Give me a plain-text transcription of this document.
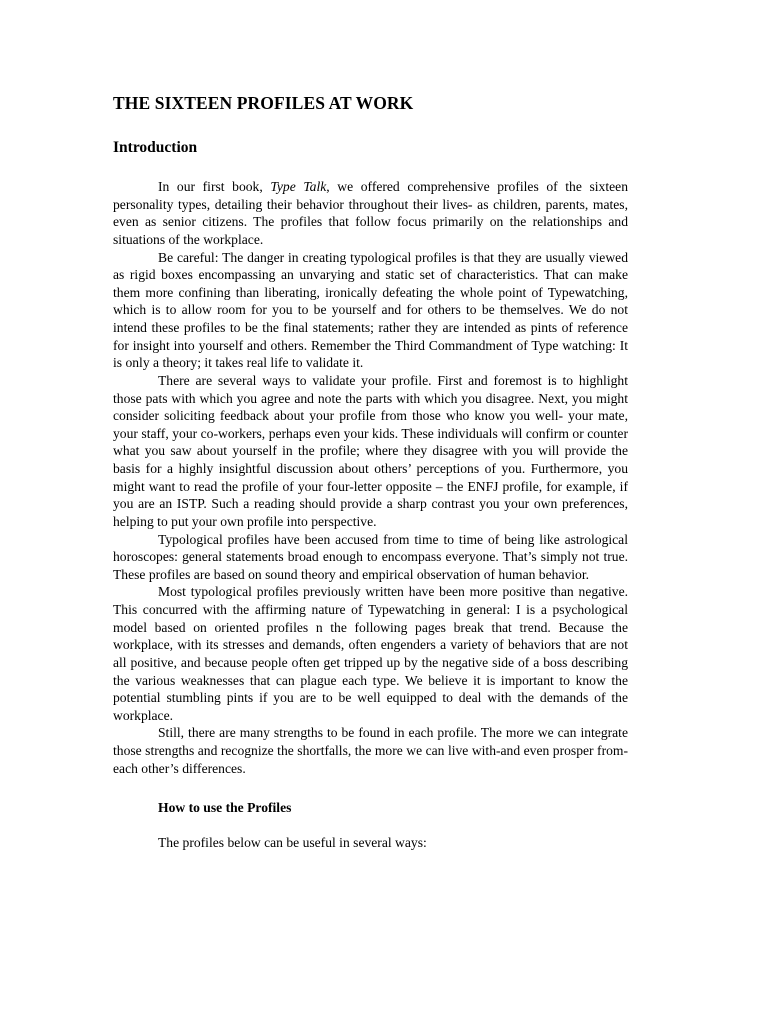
THE SIXTEEN PROFILES AT WORK
Introduction

In our first book, Type Talk, we offered comprehensive profiles of the sixteen personality types, detailing their behavior throughout their lives- as children, parents, mates, even as senior citizens. The profiles that follow focus primarily on the relationships and situations of the workplace.

Be careful: The danger in creating typological profiles is that they are usually viewed as rigid boxes encompassing an unvarying and static set of characteristics. That can make them more confining than liberating, ironically defeating the whole point of Typewatching, which is to allow room for you to be yourself and for others to be themselves. We do not intend these profiles to be the final statements; rather they are intended as pints of reference for insight into yourself and others. Remember the Third Commandment of Type watching: It is only a theory; it takes real life to validate it.

There are several ways to validate your profile. First and foremost is to highlight those pats with which you agree and note the parts with which you disagree. Next, you might consider soliciting feedback about your profile from those who know you well- your mate, your staff, your co-workers, perhaps even your kids. These individuals will confirm or counter what you saw about yourself in the profile; where they disagree with you will provide the basis for a highly insightful discussion about others’ perceptions of you. Furthermore, you might want to read the profile of your four-letter opposite – the ENFJ profile, for example, if you are an ISTP. Such a reading should provide a sharp contrast you your own preferences, helping to put your own profile into perspective.

Typological profiles have been accused from time to time of being like astrological horoscopes: general statements broad enough to encompass everyone. That’s simply not true. These profiles are based on sound theory and empirical observation of human behavior.

Most typological profiles previously written have been more positive than negative. This concurred with the affirming nature of Typewatching in general: I is a psychological model based on oriented profiles n the following pages break that trend. Because the workplace, with its stresses and demands, often engenders a variety of behaviors that are not all positive, and because people often get tripped up by the negative side of a boss describing the various weaknesses that can plague each type. We believe it is important to know the potential stumbling pints if you are to be well equipped to deal with the demands of the workplace.

Still, there are many strengths to be found in each profile. The more we can integrate those strengths and recognize the shortfalls, the more we can live with-and even prosper from- each other’s differences.

How to use the Profiles

The profiles below can be useful in several ways:
